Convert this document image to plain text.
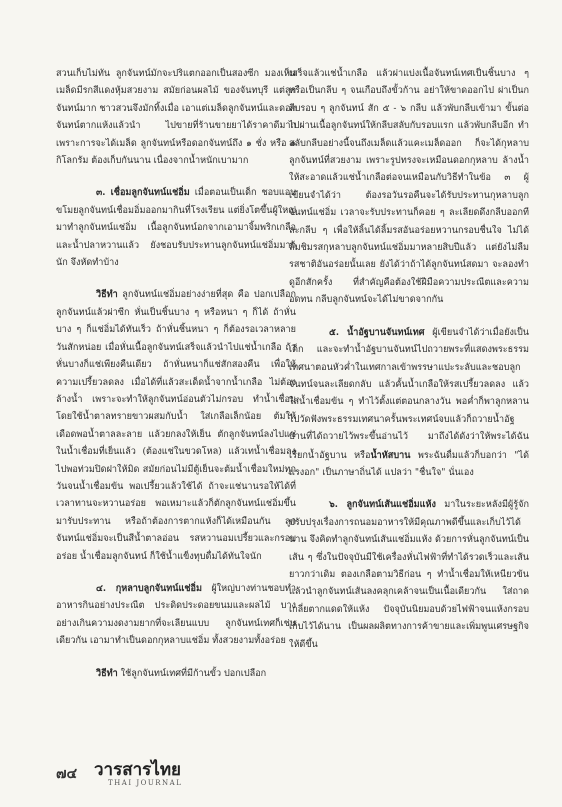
สวนเก็บไม่ทัน ลูกจันทน์มักจะปริแตกออกเป็นสองซีก มองเห็นเมล็ดมีรกสีแดงหุ้มสวยงาม สมัยก่อนผลไม้ ของจันทบุรี แต่ลูกจันทน์มาก ชาวสวนจึงมักทิ้งเมื่อ เอาแต่เมล็ดลูกจันทน์และดอกจันทน์ตากแห้งแล้วนำ ไปขายที่ร้านขายยาได้ราคาดีมาก เพราะการจะได้เมล็ด ลูกจันทน์หรือดอกจันทน์ถึง ๑ ชั่ง หรือ ๑ กิโลกรัม ต้องเก็บกันนาน เนื่องจากน้ำหนักเบามาก

๓. เชื่อมลูกจันทน์แช่อิ่ม เมื่อตอนเป็นเด็ก ชอบแอบขโมยลูกจันทน์เชื่อมอิ่มออกมากินที่โรงเรียน แต่ยิ่งโตขึ้นผู้ใหญ่มาทำลูกจันทน์แช่อิ่ม เนื้อลูกจันทน์อกจากเอามาจิ้มพริกเกลือ และน้ำปลาหวานแล้ว ยังชอบรับประทานลูกจันทน์แช่อิ่มมากนัก จึงหัดทำบ้าง

วิธีทำ ลูกจันทน์แช่อิ่มอย่างง่ายที่สุด คือ ปอกเปลือกลูกจันทน์แล้วผ่าซีก หั่นเป็นชิ้นบาง ๆ หรือหนา ๆ ก็ได้ ถ้าหั่นบาง ๆ ก็แช่อิ่มได้ทันเร็ว ถ้าหั่นชิ้นหนา ๆ ก็ต้องรอเวลาหลายวันสักหน่อย เมื่อหั่นเนื้อลูกจันทน์เสร็จแล้วนำไปแช่น้ำเกลือ ถ้าหั่นบางก็แช่เพียงคืนเดียว ถ้าหั่นหนาก็แช่สักสองคืน เพื่อให้ความเปรี้ยวลดลง เมื่อได้ที่แล้วสะเด็ดน้ำจากน้ำเกลือ ไม่ต้องล้างน้ำ เพราะจะทำให้ลูกจันทน์อ่อนตัวไม่กรอบ ทำน้ำเชื่อมโดยใช้น้ำตาลทรายขาวผสมกับน้ำ ใส่เกลือเล็กน้อย ต้มให้เดือดพอน้ำตาลละลาย แล้วยกลงให้เย็น ตักลูกจันทน์ลงไปแช่ในน้ำเชื่อมที่เย็นแล้ว (ต้องแช่ในขวดโหล) แล้วเทน้ำเชื่อมลงไปพอท่วมปิดฝาให้มิด สมัยก่อนไม่มีตู้เย็นจะต้มน้ำเชื่อมใหม่ทุกวันจนน้ำเชื่อมข้น พอเปรี้ยวแล้วใช้ได้ ถ้าจะแช่นานรอให้ได้ที่ เวลาทานจะหวานอร่อย พอเหมาะแล้วก็ตักลูกจันทน์แช่อิ่มขึ้นมารับประทาน หรือถ้าต้องการตากแห้งก็ได้เหมือนกัน ลูกจันทน์แช่อิ่มจะเป็นสีน้ำตาลอ่อน รสหวานอมเปรี้ยวและกรอบอร่อย น้ำเชื่อมลูกจันทน์ ก็ใช้น้ำแข็งทุบดื่มได้ทันใจนัก

๔. กุหลาบลูกจันทน์แช่อิ่ม ผู้ใหญ่บางท่านชอบทำอาหารกินอย่างประณีต ประดิดประดอยขนมและผลไม้ บางอย่างเกินความงดงามยากที่จะเลียนแบบ ลูกจันทน์เทศก็เช่นเดียวกัน เอามาทำเป็นดอกกุหลาบแช่อิ่ม ทั้งสวยงามทั้งอร่อย

วิธีทำ ใช้ลูกจันทน์เทศที่มีก้านขั้ว ปอกเปลือก

เสร็จแล้วแช่น้ำเกลือ แล้วผ่าแบ่งเนื้อจันทน์เทศเป็นชิ้นบาง ๆ หรือเป็นกลีบ ๆ จนเกือบถึงขั้วก้าน อย่าให้ขาดออกไป ผ่าเป็นกลีบรอบ ๆ ลูกจันทน์ สัก ๕ - ๖ กลีบ แล้วพับกลีบเข้ามา ขั้นต่อไปผ่านเนื้อลูกจันทน์ให้กลีบสลับกับรอบแรก แล้วพับกลีบอีก ทำสลับกลีบอย่างนี้จนถึงเมล็ดแล้วแคะเมล็ดออก ก็จะได้กุหลาบลูกจันทน์ที่สวยงาม เพราะรูปทรงจะเหมือนดอกกุหลาบ ล้างน้ำให้สะอาดแล้วแช่น้ำเกลือต่อจนเหมือนกับวิธีทำในข้อ ๓ ผู้เขียนจำได้ว่า ต้องรอวันรอคืนจะได้รับประทานกุหลาบลูกจันทน์แช่อิ่ม เวลาจะรับประทานก็คอย ๆ ละเลียดดึงกลีบออกทีละกลีบ ๆ เพื่อให้ลิ้นได้ลิ้มรสอันอร่อยหวานกรอบชื่นใจ ไม่ได้ลิ้มชิมรสกุหลาบลูกจันทน์แช่อิ่มมาหลายสิบปีแล้ว แต่ยังไม่ลืมรสชาติอันอร่อยนั้นเลย ยังได้ว่าถ้าได้ลูกจันทน์สดมา จะลองทำดูอีกสักครั้ง ที่สำคัญคือต้องใช้ฝีมือความประณีตและความอดทน กลีบลูกจันทน์จะได้ไม่ขาดจากกัน

๕. น้ำอัฐบานจันทน์เทศ ผู้เขียนจำได้ว่าเมื่อยังเป็นเด็ก และจะทำน้ำอัฐบานจันทน์ไปถวายพระที่แสดงพระธรรมเทศนาตอนหัวค่ำในเทศกาลเข้าพรรษาแปะระลับและชอบลูกจันทน์จนละเลียดกลับ แล้วคั้นน้ำเกลือให้รสเปรี้ยวลดลง แล้วใส่น้ำเชื่อมข้น ๆ ทำไว้ตั้งแต่ตอนกลางวัน พอค่ำก็พาลูกหลานไปวัดฟังพระธรรมเทศนาครั้นพระเทศน์จบแล้วก็ถวายน้ำอัฐบานที่ได้ถวายไว้พระขึ้นอ่านไว้ มาถึงได้ดังว่าให้พระได้ฉันเรียกน้ำอัฐบาน หรือน้ำหัสบาน พระฉันดื่มแล้วก็บอกว่า "ได้แรงอก" เป็นภาษาถิ่นได้ แปลว่า "ชื่นใจ" นั่นเอง

๖. ลูกจันทน์เส้นแช่อิ่มแห้ง มาในระยะหลังมีผู้รู้จักปรับปรุงเรื่องการถนอมอาหารให้มีคุณภาพดีขึ้นและเก็บไว้ได้นาน จึงคิดทำลูกจันทน์เส้นแช่อิ่มแห้ง ด้วยการหั่นลูกจันทน์เป็นเส้น ๆ ซึ่งในปัจจุบันมีใช้เครื่องหั่นไฟฟ้าที่ทำได้รวดเร็วและเส้นยาวกว่าเดิม ตองเกลือตามวิธีก่อน ๆ ทำน้ำเชื่อมให้เหนียวข้น แล้วนำลูกจันทน์เส้นลงคลุกเคล้าจนเป็นเนื้อเดียวกัน ใส่ถาดเกลี่ยตากแดดให้แห้ง ปัจจุบันนิยมอบด้วยไฟฟ้าจนแห้งกรอบเก็บไว้ได้นาน เป็นผลผลิตทางการค้าขายและเพิ่มพูนเศรษฐกิจให้ดีขึ้น

๗๔ วารสารไทย
THAI JOURNAL
